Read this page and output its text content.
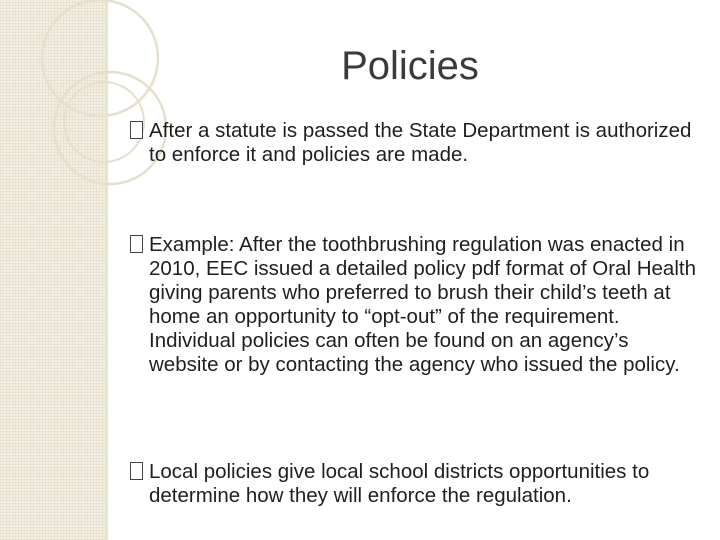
Policies
After a statute is passed the State Department is authorized to enforce it and policies are made.
Example: After the toothbrushing regulation was enacted in 2010, EEC issued a detailed policy pdf format of Oral Health giving parents who preferred to brush their child’s teeth at home an opportunity to “opt-out” of the requirement. Individual policies can often be found on an agency’s website or by contacting the agency who issued the policy.
Local policies give local school districts opportunities to determine how they will enforce the regulation.
